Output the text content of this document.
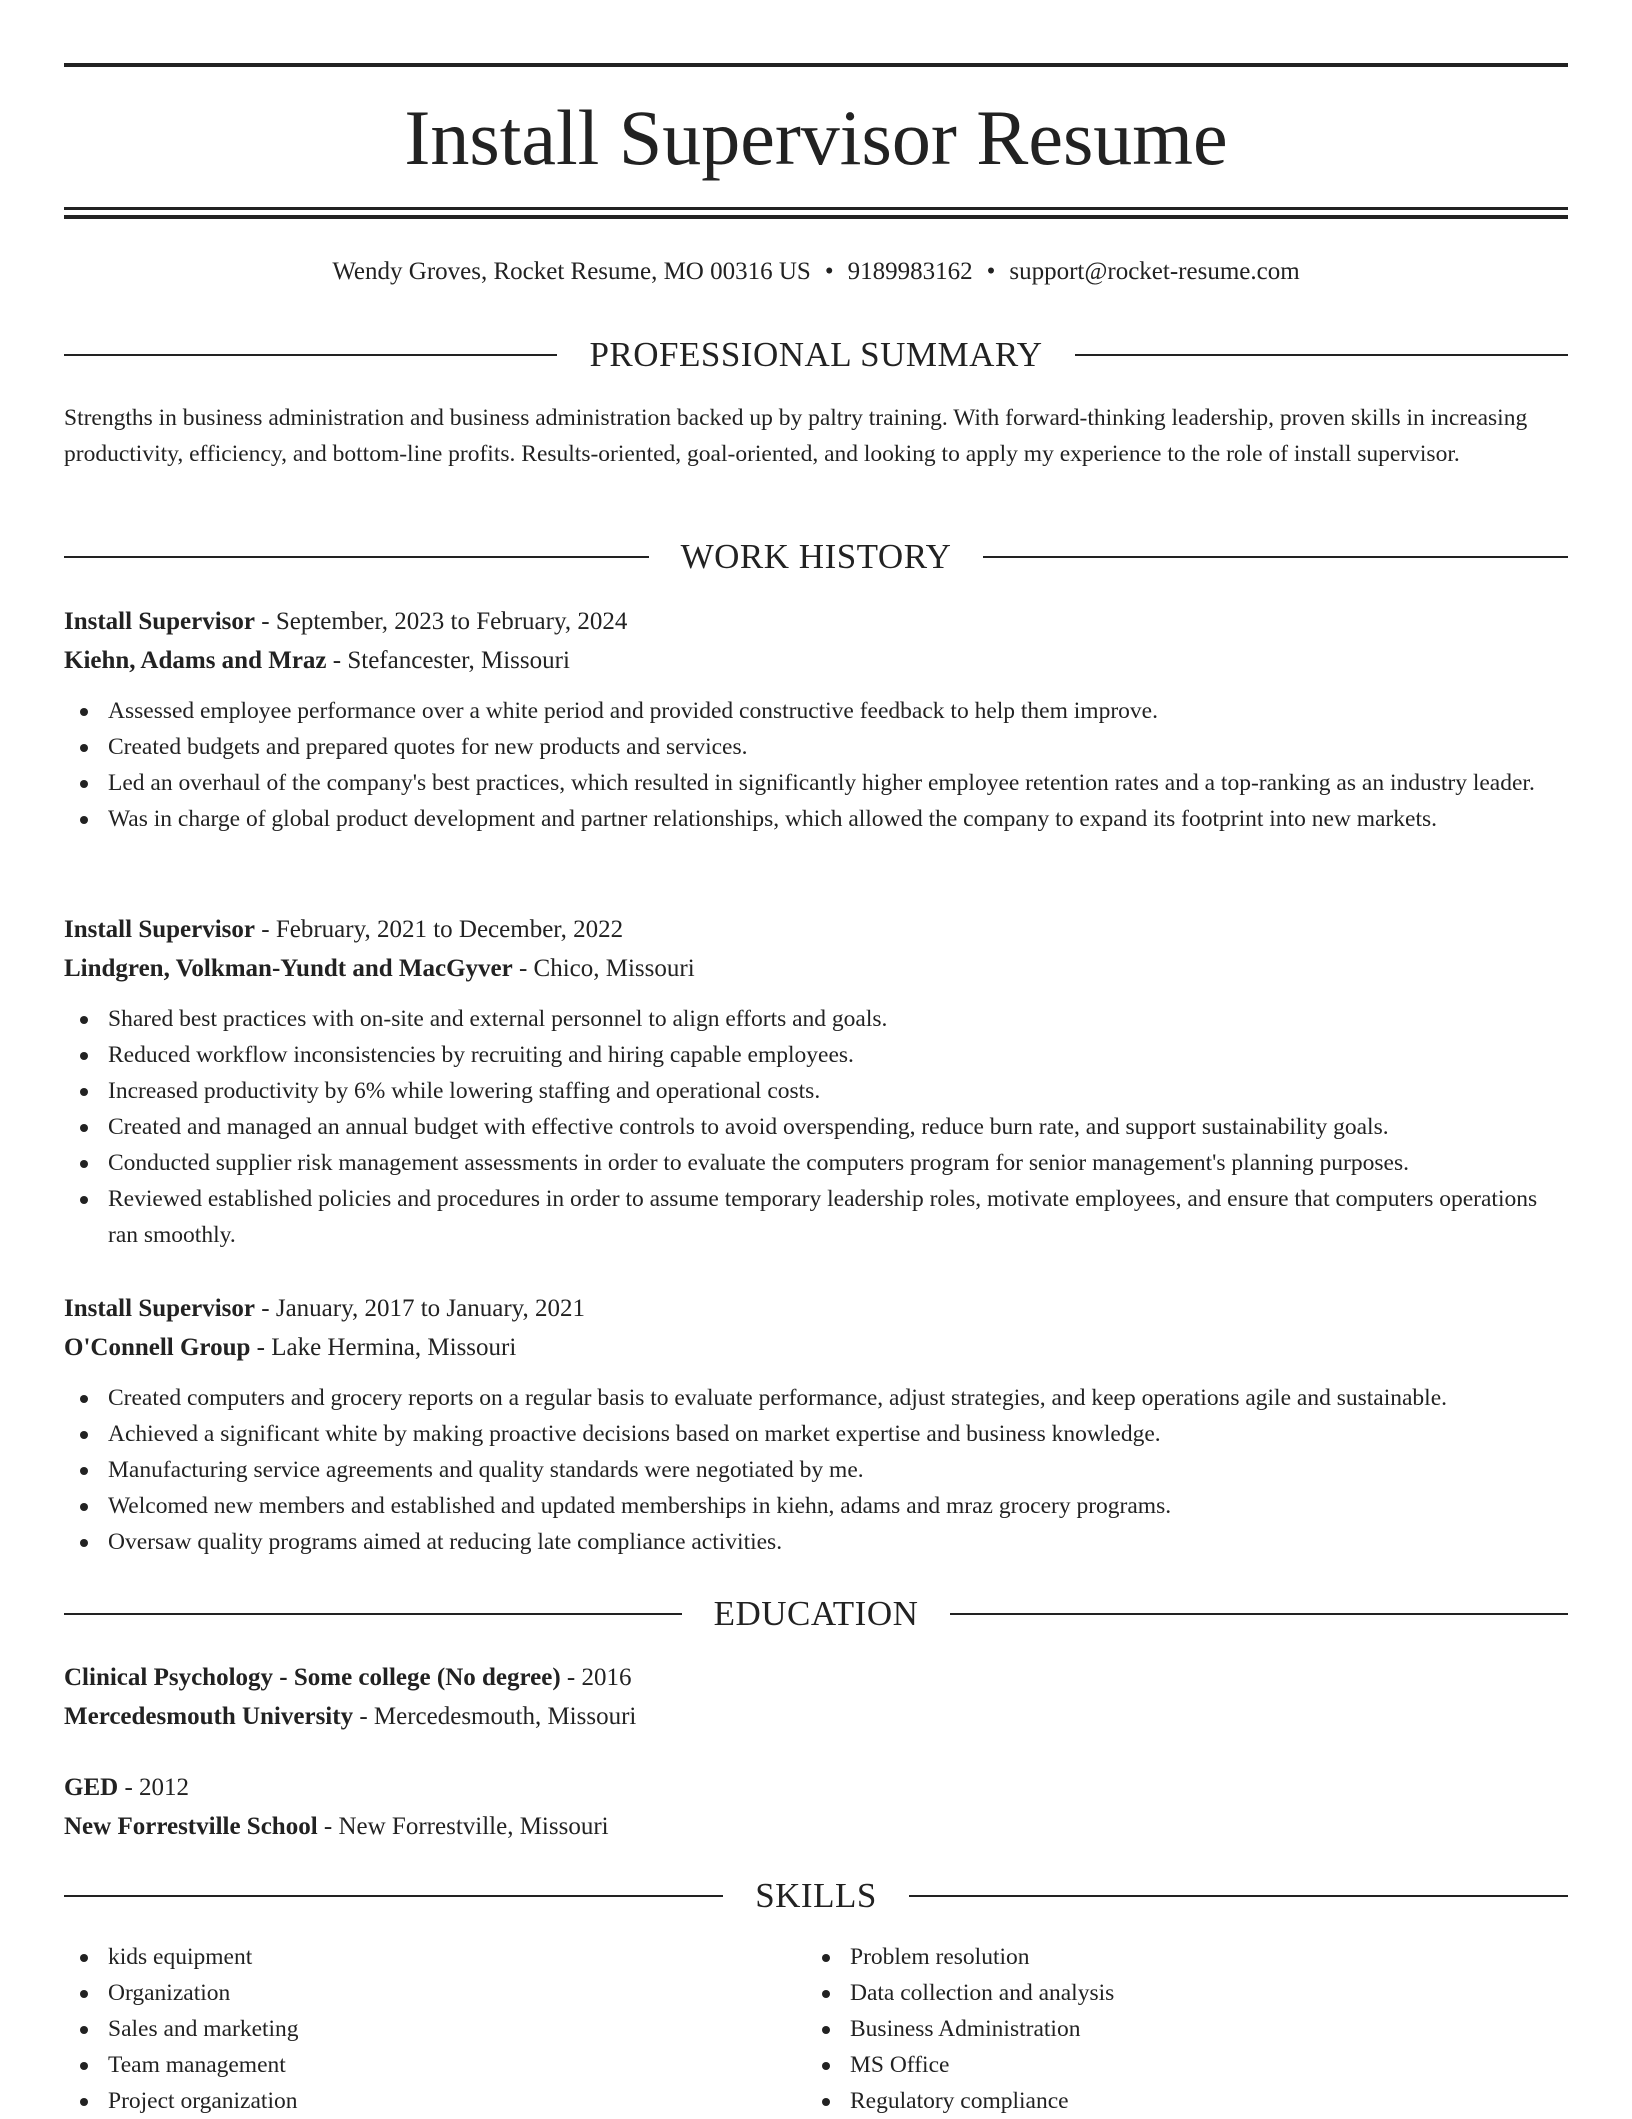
Install Supervisor Resume
Wendy Groves, Rocket Resume, MO 00316 US • 9189983162 • support@rocket-resume.com
PROFESSIONAL SUMMARY

Strengths in business administration and business administration backed up by paltry training. With forward-thinking leadership, proven skills in increasing productivity, efficiency, and bottom-line profits. Results-oriented, goal-oriented, and looking to apply my experience to the role of install supervisor.

WORK HISTORY
Install Supervisor - September, 2023 to February, 2024
Kiehn, Adams and Mraz - Stefancester, Missouri
Assessed employee performance over a white period and provided constructive feedback to help them improve.
Created budgets and prepared quotes for new products and services.
Led an overhaul of the company's best practices, which resulted in significantly higher employee retention rates and a top-ranking as an industry leader.
Was in charge of global product development and partner relationships, which allowed the company to expand its footprint into new markets.
Install Supervisor - February, 2021 to December, 2022
Lindgren, Volkman-Yundt and MacGyver - Chico, Missouri
Shared best practices with on-site and external personnel to align efforts and goals.
Reduced workflow inconsistencies by recruiting and hiring capable employees.
Increased productivity by 6% while lowering staffing and operational costs.
Created and managed an annual budget with effective controls to avoid overspending, reduce burn rate, and support sustainability goals.
Conducted supplier risk management assessments in order to evaluate the computers program for senior management's planning purposes.
Reviewed established policies and procedures in order to assume temporary leadership roles, motivate employees, and ensure that computers operations ran smoothly.
Install Supervisor - January, 2017 to January, 2021
O'Connell Group - Lake Hermina, Missouri
Created computers and grocery reports on a regular basis to evaluate performance, adjust strategies, and keep operations agile and sustainable.
Achieved a significant white by making proactive decisions based on market expertise and business knowledge.
Manufacturing service agreements and quality standards were negotiated by me.
Welcomed new members and established and updated memberships in kiehn, adams and mraz grocery programs.
Oversaw quality programs aimed at reducing late compliance activities.
EDUCATION
Clinical Psychology - Some college (No degree) - 2016
Mercedesmouth University - Mercedesmouth, Missouri
GED - 2012
New Forrestville School - New Forrestville, Missouri
SKILLS
kids equipment
Organization
Sales and marketing
Team management
Project organization
Problem resolution
Data collection and analysis
Business Administration
MS Office
Regulatory compliance
